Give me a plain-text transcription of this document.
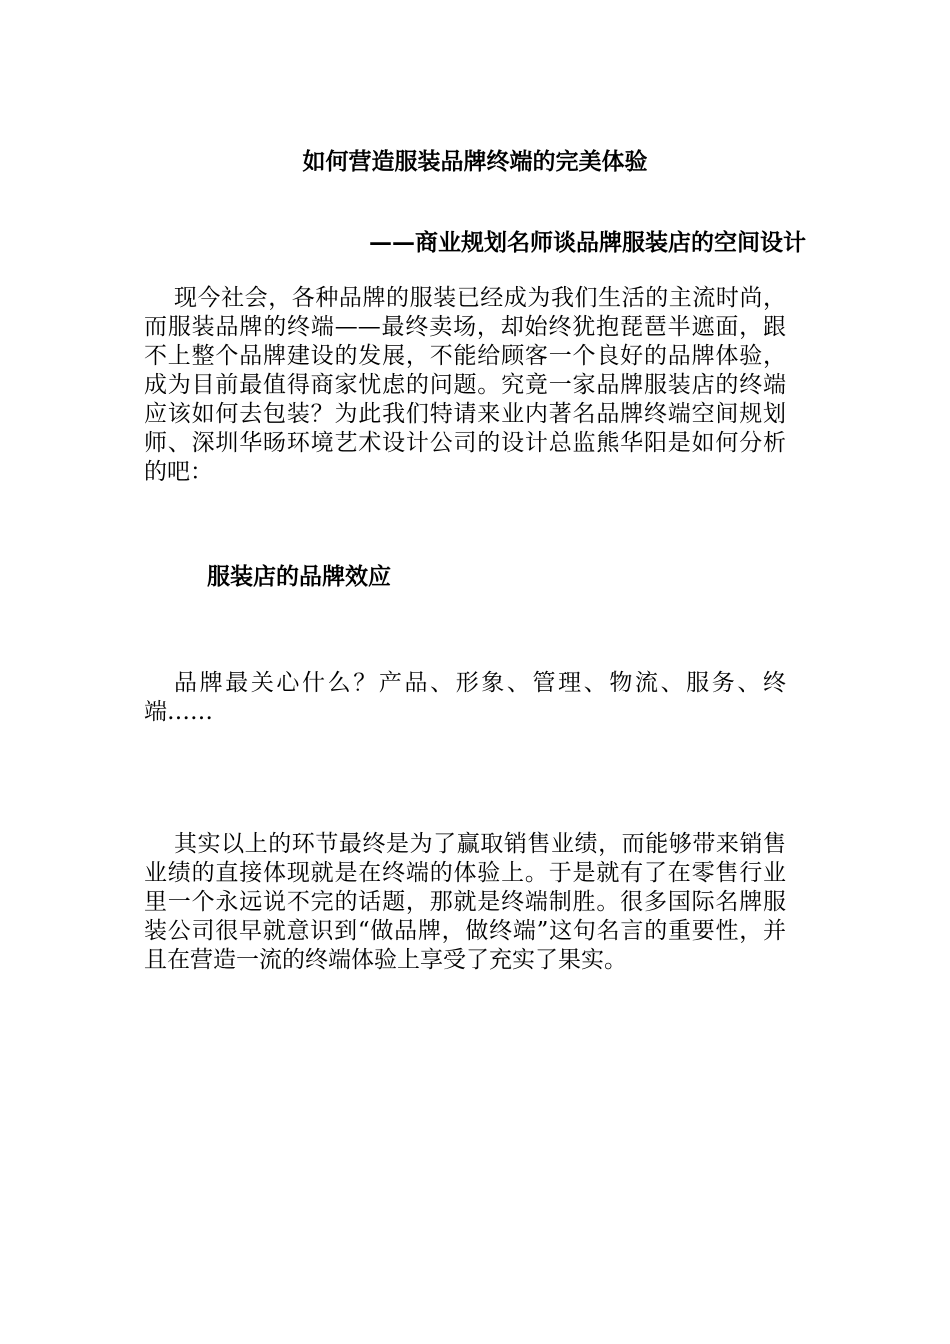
如何营造服装品牌终端的完美体验
——商业规划名师谈品牌服装店的空间设计

现今社会，各种品牌的服装已经成为我们生活的主流时尚，而服装品牌的终端——最终卖场，却始终犹抱琵琶半遮面，跟不上整个品牌建设的发展，不能给顾客一个良好的品牌体验，成为目前最值得商家忧虑的问题。究竟一家品牌服装店的终端应该如何去包装？为此我们特请来业内著名品牌终端空间规划师、深圳华旸环境艺术设计公司的设计总监熊华阳是如何分析的吧：

服装店的品牌效应

品牌最关心什么？产品、形象、管理、物流、服务、终端……

其实以上的环节最终是为了赢取销售业绩，而能够带来销售业绩的直接体现就是在终端的体验上。于是就有了在零售行业里一个永远说不完的话题，那就是终端制胜。很多国际名牌服装公司很早就意识到“做品牌，做终端”这句名言的重要性，并且在营造一流的终端体验上享受了充实了果实。
